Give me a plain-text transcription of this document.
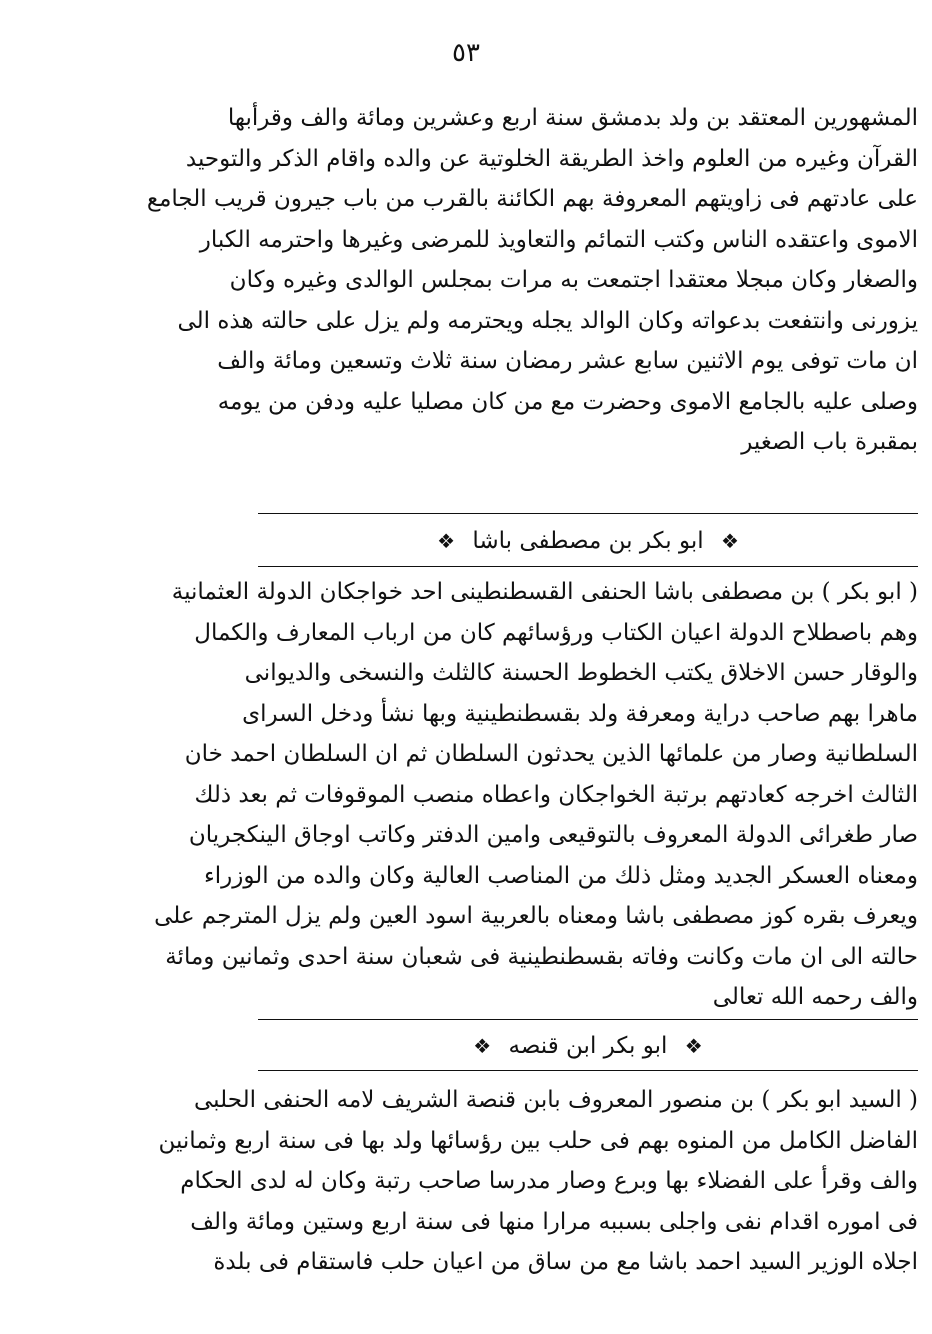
٥٣
المشهورين المعتقد بن ولد بدمشق سنة اربع وعشرين ومائة والف وقرأبها
القرآن وغيره من العلوم واخذ الطريقة الخلوتية عن والده واقام الذكر والتوحيد
على عادتهم فى زاويتهم المعروفة بهم الكائنة بالقرب من باب جيرون قريب الجامع
الاموى واعتقده الناس وكتب التمائم والتعاويذ للمرضى وغيرها واحترمه الكبار
والصغار وكان مبجلا معتقدا اجتمعت به مرات بمجلس الوالدى وغيره وكان
يزورنى وانتفعت بدعواته وكان الوالد يجله ويحترمه ولم يزل على حالته هذه الى
ان مات توفى يوم الاثنين سابع عشر رمضان سنة ثلاث وتسعين ومائة والف
وصلى عليه بالجامع الاموى وحضرت مع من كان مصليا عليه ودفن من يومه
بمقبرة باب الصغير
❖ ابو بكر بن مصطفى باشا ❖
( ابو بكر ) بن مصطفى باشا الحنفى القسطنطينى احد خواجكان الدولة العثمانية
وهم باصطلاح الدولة اعيان الكتاب ورؤسائهم كان من ارباب المعارف والكمال
والوقار حسن الاخلاق يكتب الخطوط الحسنة كالثلث والنسخى والديوانى
ماهرا بهم صاحب دراية ومعرفة ولد بقسطنطينية وبها نشأ ودخل السراى
السلطانية وصار من علمائها الذين يحدثون السلطان ثم ان السلطان احمد خان
الثالث اخرجه كعادتهم برتبة الخواجكان واعطاه منصب الموقوفات ثم بعد ذلك
صار طغرائى الدولة المعروف بالتوقيعى وامين الدفتر وكاتب اوجاق الينكجريان
ومعناه العسكر الجديد ومثل ذلك من المناصب العالية وكان والده من الوزراء
ويعرف بقره كوز مصطفى باشا ومعناه بالعربية اسود العين ولم يزل المترجم على
حالته الى ان مات وكانت وفاته بقسطنطينية فى شعبان سنة احدى وثمانين ومائة
والف رحمه الله تعالى
❖ ابو بكر ابن قنصه ❖
( السيد ابو بكر ) بن منصور المعروف بابن قنصة الشريف لامه الحنفى الحلبى
الفاضل الكامل من المنوه بهم فى حلب بين رؤسائها ولد بها فى سنة اربع وثمانين
والف وقرأ على الفضلاء بها وبرع وصار مدرسا صاحب رتبة وكان له لدى الحكام
فى اموره اقدام نفى واجلى بسببه مرارا منها فى سنة اربع وستين ومائة والف
اجلاه الوزير السيد احمد باشا مع من ساق من اعيان حلب فاستقام فى بلدة
